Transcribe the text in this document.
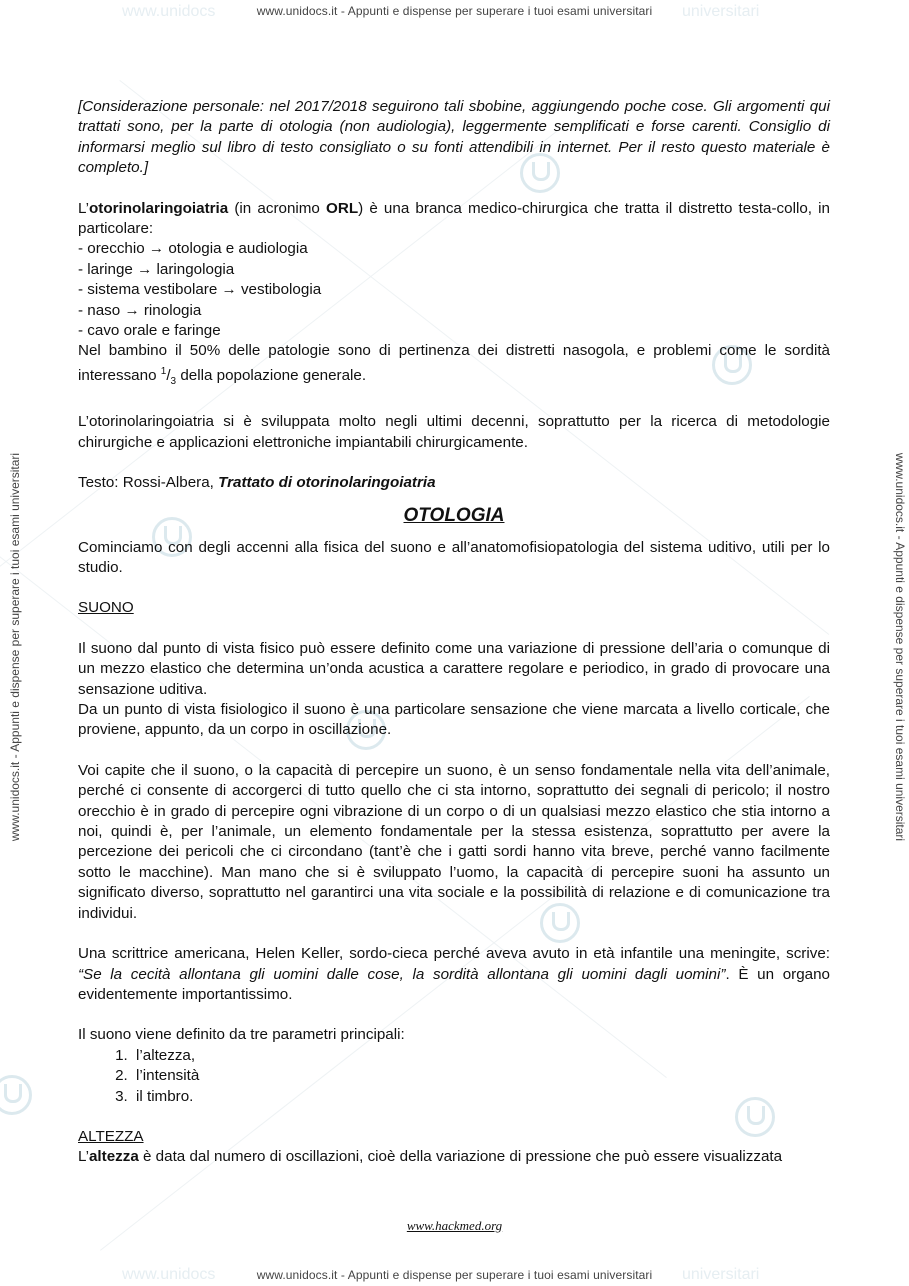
www.unidocs	universitari
www.unidocs	universitari
www.unidocs.it - Appunti e dispense per superare i tuoi esami universitari
www.unidocs.it - Appunti e dispense per superare i tuoi esami universitari
www.unidocs.it - Appunti e dispense per superare i tuoi esami universitari	www.unidocs.it - Appunti e dispense per superare i tuoi esami universitari

[Considerazione personale: nel 2017/2018 seguirono tali sbobine, aggiungendo poche cose. Gli argomenti qui trattati sono, per la parte di otologia (non audiologia), leggermente semplificati e forse carenti. Consiglio di informarsi meglio sul libro di testo consigliato o su fonti attendibili in internet. Per il resto questo materiale è completo.]

L’otorinolaringoiatria (in acronimo ORL) è una branca medico-chirurgica che tratta il distretto testa-collo, in particolare:

- orecchio → otologia e audiologia

- laringe → laringologia

- sistema vestibolare → vestibologia

- naso → rinologia

- cavo orale e faringe

Nel bambino il 50% delle patologie sono di pertinenza dei distretti nasogola, e problemi come le sordità interessano $^1/_3$ della popolazione generale.

L’otorinolaringoiatria si è sviluppata molto negli ultimi decenni, soprattutto per la ricerca di metodologie chirurgiche e applicazioni elettroniche impiantabili chirurgicamente.

Testo: Rossi-Albera, Trattato di otorinolaringoiatria

OTOLOGIA

Cominciamo con degli accenni alla fisica del suono e all’anatomofisiopatologia del sistema uditivo, utili per lo studio.

SUONO

Il suono dal punto di vista fisico può essere definito come una variazione di pressione dell’aria o comunque di un mezzo elastico che determina un’onda acustica a carattere regolare e periodico, in grado di provocare una sensazione uditiva.

Da un punto di vista fisiologico il suono è una particolare sensazione che viene marcata a livello corticale, che proviene, appunto, da un corpo in oscillazione.

Voi capite che il suono, o la capacità di percepire un suono, è un senso fondamentale nella vita dell’animale, perché ci consente di accorgerci di tutto quello che ci sta intorno, soprattutto dei segnali di pericolo; il nostro orecchio è in grado di percepire ogni vibrazione di un corpo o di un qualsiasi mezzo elastico che stia intorno a noi, quindi è, per l’animale, un elemento fondamentale per la stessa esistenza, soprattutto per avere la percezione dei pericoli che ci circondano (tant’è che i gatti sordi hanno vita breve, perché vanno facilmente sotto le macchine). Man mano che si è sviluppato l’uomo, la capacità di percepire suoni ha assunto un significato diverso, soprattutto nel garantirci una vita sociale e la possibilità di relazione e di comunicazione tra individui.

Una scrittrice americana, Helen Keller, sordo-cieca perché aveva avuto in età infantile una meningite, scrive: “Se la cecità allontana gli uomini dalle cose, la sordità allontana gli uomini dagli uomini”. È un organo evidentemente importantissimo.

Il suono viene definito da tre parametri principali:

1. l’altezza,
2. l’intensità
3. il timbro.

ALTEZZA

L’altezza è data dal numero di oscillazioni, cioè della variazione di pressione che può essere visualizzata

www.hackmed.org
